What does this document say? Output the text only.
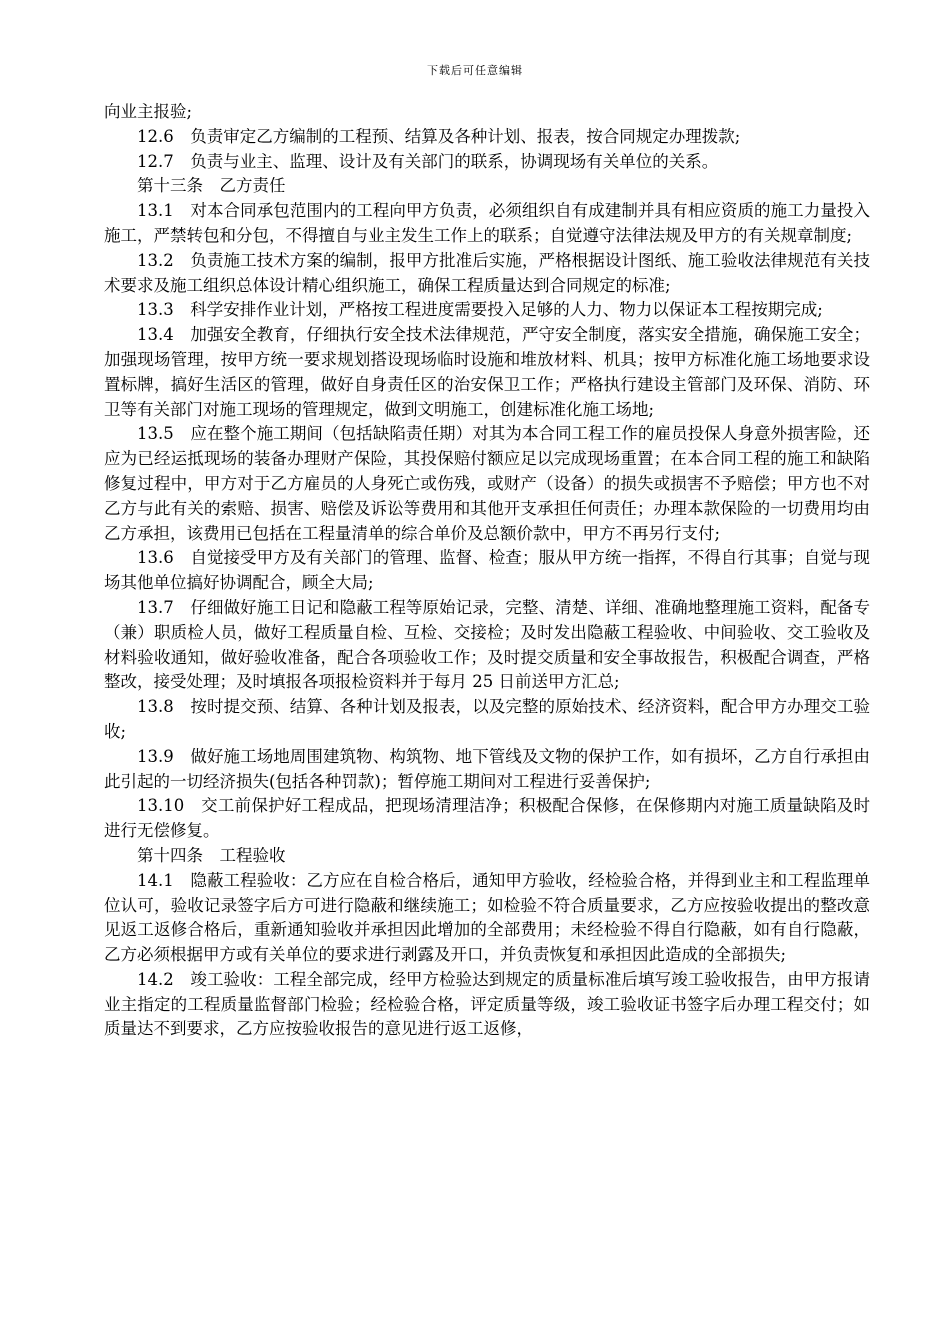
下载后可任意编辑

向业主报验;

12.6　负责审定乙方编制的工程预、结算及各种计划、报表，按合同规定办理拨款;

12.7　负责与业主、监理、设计及有关部门的联系，协调现场有关单位的关系。

第十三条　乙方责任

13.1　对本合同承包范围内的工程向甲方负责，必须组织自有成建制并具有相应资质的施工力量投入施工，严禁转包和分包，不得擅自与业主发生工作上的联系；自觉遵守法律法规及甲方的有关规章制度;

13.2　负责施工技术方案的编制，报甲方批准后实施，严格根据设计图纸、施工验收法律规范有关技术要求及施工组织总体设计精心组织施工，确保工程质量达到合同规定的标准;

13.3　科学安排作业计划，严格按工程进度需要投入足够的人力、物力以保证本工程按期完成;

13.4　加强安全教育，仔细执行安全技术法律规范，严守安全制度，落实安全措施，确保施工安全；加强现场管理，按甲方统一要求规划搭设现场临时设施和堆放材料、机具；按甲方标准化施工场地要求设置标牌，搞好生活区的管理，做好自身责任区的治安保卫工作；严格执行建设主管部门及环保、消防、环卫等有关部门对施工现场的管理规定，做到文明施工，创建标准化施工场地;

13.5　应在整个施工期间（包括缺陷责任期）对其为本合同工程工作的雇员投保人身意外损害险，还应为已经运抵现场的装备办理财产保险，其投保赔付额应足以完成现场重置；在本合同工程的施工和缺陷修复过程中，甲方对于乙方雇员的人身死亡或伤残，或财产（设备）的损失或损害不予赔偿；甲方也不对乙方与此有关的索赔、损害、赔偿及诉讼等费用和其他开支承担任何责任；办理本款保险的一切费用均由乙方承担，该费用已包括在工程量清单的综合单价及总额价款中，甲方不再另行支付;

13.6　自觉接受甲方及有关部门的管理、监督、检查；服从甲方统一指挥，不得自行其事；自觉与现场其他单位搞好协调配合，顾全大局;

13.7　仔细做好施工日记和隐蔽工程等原始记录，完整、清楚、详细、准确地整理施工资料，配备专（兼）职质检人员，做好工程质量自检、互检、交接检；及时发出隐蔽工程验收、中间验收、交工验收及材料验收通知，做好验收准备，配合各项验收工作；及时提交质量和安全事故报告，积极配合调查，严格整改，接受处理；及时填报各项报检资料并于每月 25 日前送甲方汇总;

13.8　按时提交预、结算、各种计划及报表，以及完整的原始技术、经济资料，配合甲方办理交工验收;

13.9　做好施工场地周围建筑物、构筑物、地下管线及文物的保护工作，如有损坏，乙方自行承担由此引起的一切经济损失(包括各种罚款)；暂停施工期间对工程进行妥善保护;

13.10　交工前保护好工程成品，把现场清理洁净；积极配合保修，在保修期内对施工质量缺陷及时进行无偿修复。

第十四条　工程验收

14.1　隐蔽工程验收：乙方应在自检合格后，通知甲方验收，经检验合格，并得到业主和工程监理单位认可，验收记录签字后方可进行隐蔽和继续施工；如检验不符合质量要求，乙方应按验收提出的整改意见返工返修合格后，重新通知验收并承担因此增加的全部费用；未经检验不得自行隐蔽，如有自行隐蔽，乙方必须根据甲方或有关单位的要求进行剥露及开口，并负责恢复和承担因此造成的全部损失;

14.2　竣工验收：工程全部完成，经甲方检验达到规定的质量标准后填写竣工验收报告，由甲方报请业主指定的工程质量监督部门检验；经检验合格，评定质量等级，竣工验收证书签字后办理工程交付；如质量达不到要求，乙方应按验收报告的意见进行返工返修，
